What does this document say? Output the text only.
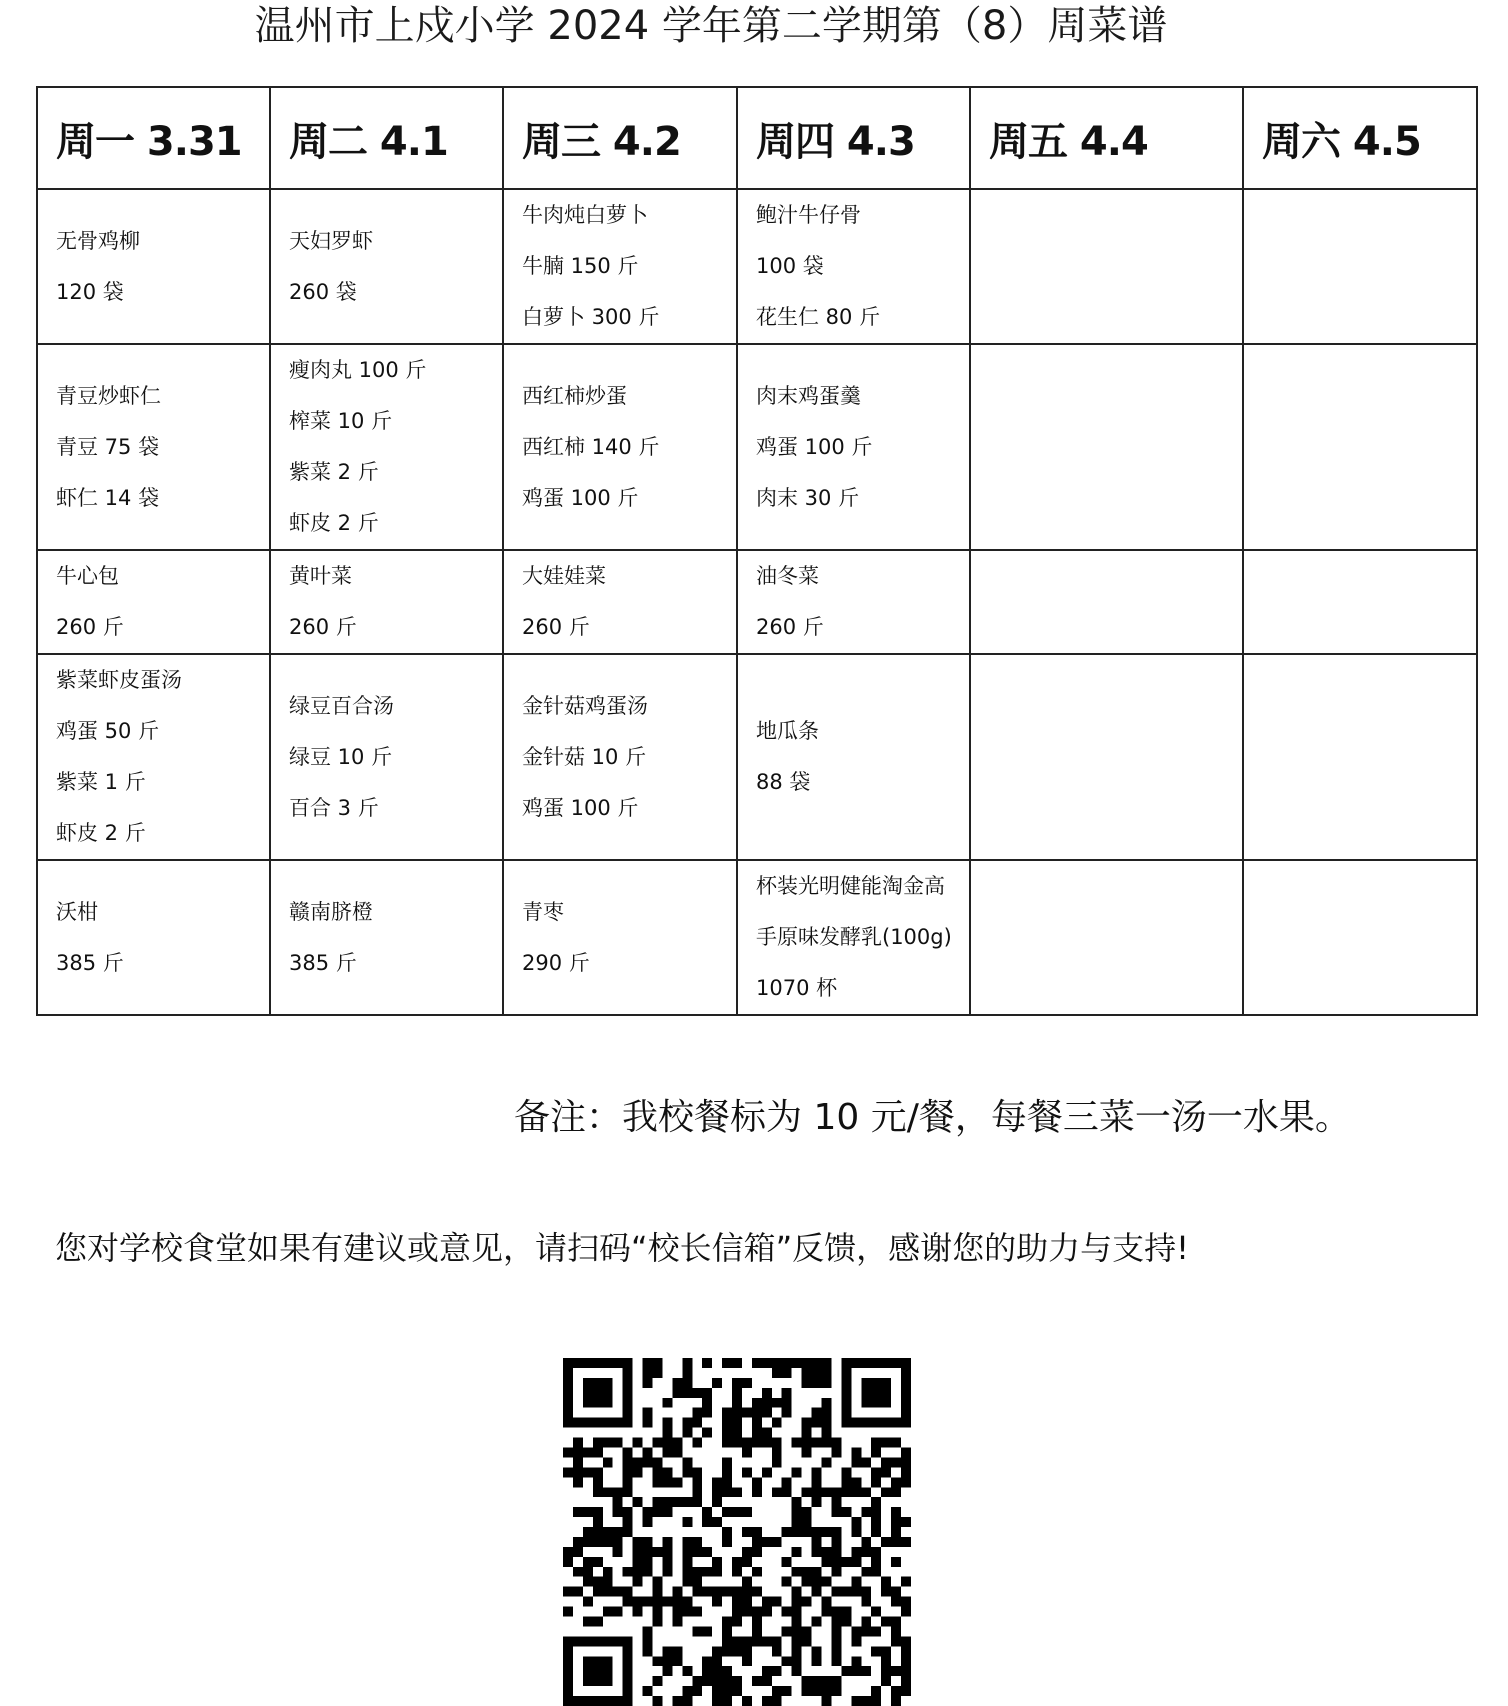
温州市上戍小学 2024 学年第二学期第（8）周菜谱
周一 3.31	周二 4.1	周三 4.2	周四 4.3	周五 4.4	周六 4.5

无骨鸡柳
120 袋	天妇罗虾
260 袋	牛肉炖白萝卜
牛腩 150 斤
白萝卜 300 斤	鲍汁牛仔骨
100 袋
花生仁 80 斤		

青豆炒虾仁
青豆 75 袋
虾仁 14 袋	瘦肉丸 100 斤
榨菜 10 斤
紫菜 2 斤
虾皮 2 斤	西红柿炒蛋
西红柿 140 斤
鸡蛋 100 斤	肉末鸡蛋羹
鸡蛋 100 斤
肉末 30 斤		

牛心包
260 斤	黄叶菜
260 斤	大娃娃菜
260 斤	油冬菜
260 斤		

紫菜虾皮蛋汤
鸡蛋 50 斤
紫菜 1 斤
虾皮 2 斤	绿豆百合汤
绿豆 10 斤
百合 3 斤	金针菇鸡蛋汤
金针菇 10 斤
鸡蛋 100 斤	地瓜条
88 袋		

沃柑
385 斤	赣南脐橙
385 斤	青枣
290 斤	杯装光明健能淘金高
手原味发酵乳(100g)
1070 杯		

备注：我校餐标为 10 元/餐，每餐三菜一汤一水果。
您对学校食堂如果有建议或意见，请扫码“校长信箱”反馈，感谢您的助力与支持!
